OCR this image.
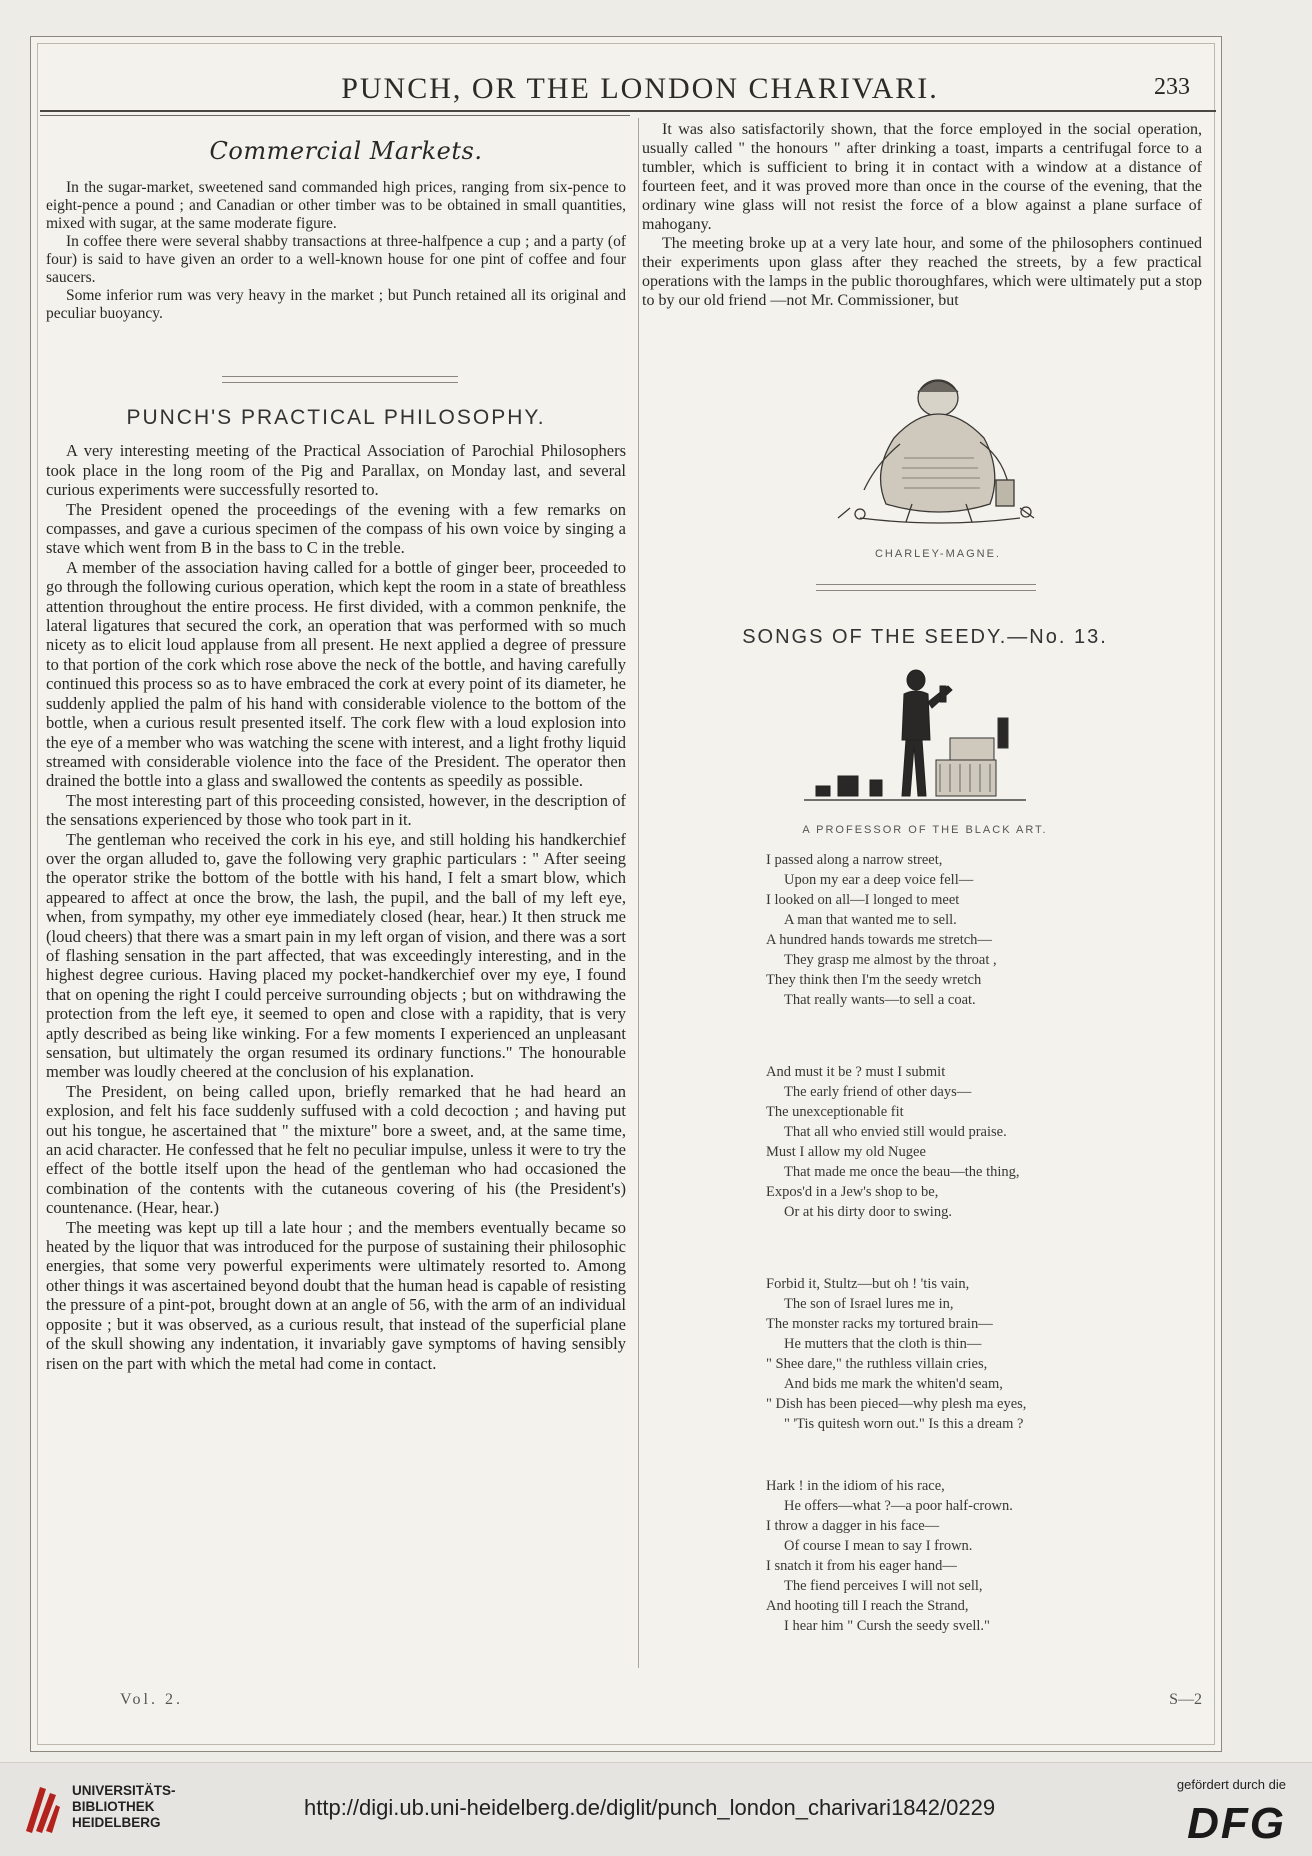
PUNCH, OR THE LONDON CHARIVARI.	233

Commercial Markets.

In the sugar-market, sweetened sand commanded high prices, ranging from six-pence to eight-pence a pound ; and Canadian or other timber was to be obtained in small quantities, mixed with sugar, at the same moderate figure.

In coffee there were several shabby transactions at three-halfpence a cup ; and a party (of four) is said to have given an order to a well-known house for one pint of coffee and four saucers.

Some inferior rum was very heavy in the market ; but Punch retained all its original and peculiar buoyancy.

PUNCH'S PRACTICAL PHILOSOPHY.

A very interesting meeting of the Practical Association of Parochial Philosophers took place in the long room of the Pig and Parallax, on Monday last, and several curious experiments were successfully resorted to.

The President opened the proceedings of the evening with a few remarks on compasses, and gave a curious specimen of the compass of his own voice by singing a stave which went from B in the bass to C in the treble.

A member of the association having called for a bottle of ginger beer, proceeded to go through the following curious operation, which kept the room in a state of breathless attention throughout the entire process. He first divided, with a common penknife, the lateral ligatures that secured the cork, an operation that was performed with so much nicety as to elicit loud applause from all present. He next applied a degree of pressure to that portion of the cork which rose above the neck of the bottle, and having carefully continued this process so as to have embraced the cork at every point of its diameter, he suddenly applied the palm of his hand with considerable violence to the bottom of the bottle, when a curious result presented itself. The cork flew with a loud explosion into the eye of a member who was watching the scene with interest, and a light frothy liquid streamed with considerable violence into the face of the President. The operator then drained the bottle into a glass and swallowed the contents as speedily as possible.

The most interesting part of this proceeding consisted, however, in the description of the sensations experienced by those who took part in it.

The gentleman who received the cork in his eye, and still holding his handkerchief over the organ alluded to, gave the following very graphic particulars : " After seeing the operator strike the bottom of the bottle with his hand, I felt a smart blow, which appeared to affect at once the brow, the lash, the pupil, and the ball of my left eye, when, from sympathy, my other eye immediately closed (hear, hear.) It then struck me (loud cheers) that there was a smart pain in my left organ of vision, and there was a sort of flashing sensation in the part affected, that was exceedingly interesting, and in the highest degree curious. Having placed my pocket-handkerchief over my eye, I found that on opening the right I could perceive surrounding objects ; but on withdrawing the protection from the left eye, it seemed to open and close with a rapidity, that is very aptly described as being like winking. For a few moments I experienced an unpleasant sensation, but ultimately the organ resumed its ordinary functions." The honourable member was loudly cheered at the conclusion of his explanation.

The President, on being called upon, briefly remarked that he had heard an explosion, and felt his face suddenly suffused with a cold decoction ; and having put out his tongue, he ascertained that " the mixture" bore a sweet, and, at the same time, an acid character. He confessed that he felt no peculiar impulse, unless it were to try the effect of the bottle itself upon the head of the gentleman who had occasioned the combination of the contents with the cutaneous covering of his (the President's) countenance. (Hear, hear.)

The meeting was kept up till a late hour ; and the members eventually became so heated by the liquor that was introduced for the purpose of sustaining their philosophic energies, that some very powerful experiments were ultimately resorted to. Among other things it was ascertained beyond doubt that the human head is capable of resisting the pressure of a pint-pot, brought down at an angle of 56, with the arm of an individual opposite ; but it was observed, as a curious result, that instead of the superficial plane of the skull showing any indentation, it invariably gave symptoms of having sensibly risen on the part with which the metal had come in contact.

It was also satisfactorily shown, that the force employed in the social operation, usually called " the honours " after drinking a toast, imparts a centrifugal force to a tumbler, which is sufficient to bring it in contact with a window at a distance of fourteen feet, and it was proved more than once in the course of the evening, that the ordinary wine glass will not resist the force of a blow against a plane surface of mahogany.

The meeting broke up at a very late hour, and some of the philosophers continued their experiments upon glass after they reached the streets, by a few practical operations with the lamps in the public thoroughfares, which were ultimately put a stop to by our old friend —not Mr. Commissioner, but

CHARLEY-MAGNE.
SONGS OF THE SEEDY.—No. 13.
A PROFESSOR OF THE BLACK ART.
I passed along a narrow street,
Upon my ear a deep voice fell—
I looked on all—I longed to meet
A man that wanted me to sell.
A hundred hands towards me stretch—
They grasp me almost by the throat ,
They think then I'm the seedy wretch
That really wants—to sell a coat.
And must it be ? must I submit
The early friend of other days—
The unexceptionable fit
That all who envied still would praise.
Must I allow my old Nugee
That made me once the beau—the thing,
Expos'd in a Jew's shop to be,
Or at his dirty door to swing.
Forbid it, Stultz—but oh ! 'tis vain,
The son of Israel lures me in,
The monster racks my tortured brain—
He mutters that the cloth is thin—
" Shee dare," the ruthless villain cries,
And bids me mark the whiten'd seam,
" Dish has been pieced—why plesh ma eyes,
" 'Tis quitesh worn out." Is this a dream ?
Hark ! in the idiom of his race,
He offers—what ?—a poor half-crown.
I throw a dagger in his face—
Of course I mean to say I frown.
I snatch it from his eager hand—
The fiend perceives I will not sell,
And hooting till I reach the Strand,
I hear him " Cursh the seedy svell."
Vol. 2.	S—2
UNIVERSITÄTS-
BIBLIOTHEK
HEIDELBERG
http://digi.ub.uni-heidelberg.de/diglit/punch_london_charivari1842/0229
gefördert durch die
DFG
